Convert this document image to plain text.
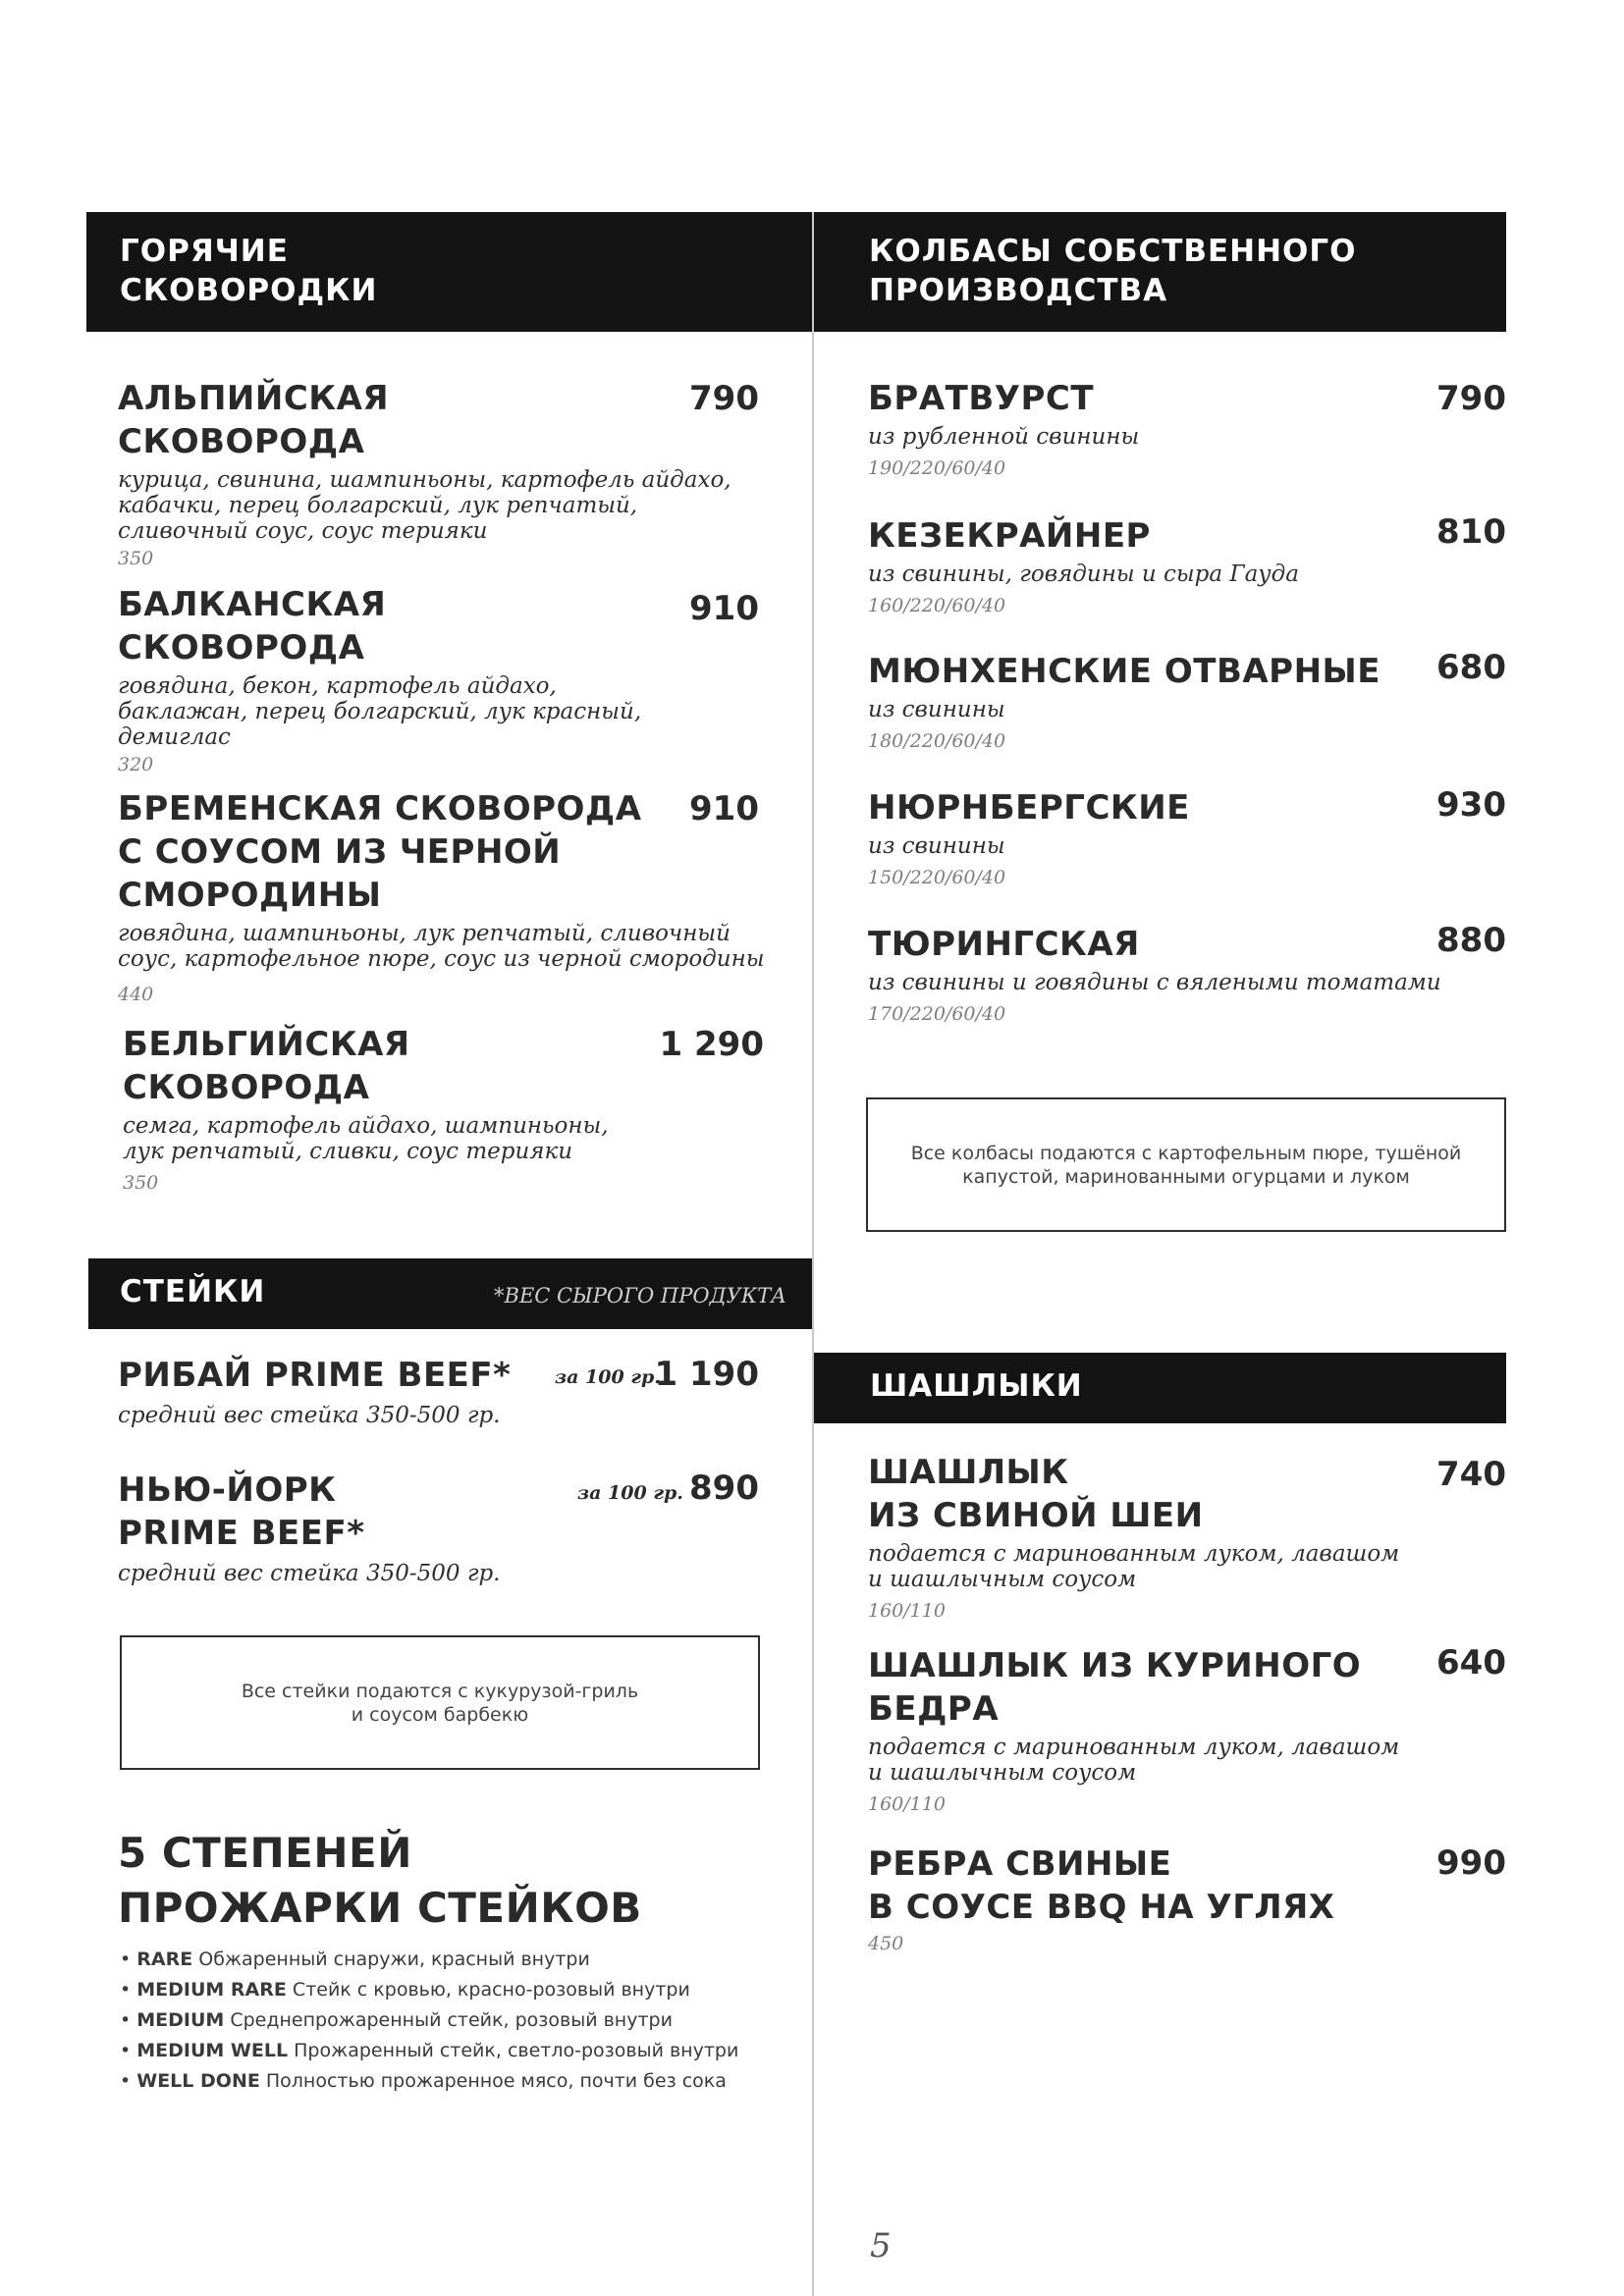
ГОРЯЧИЕ
СКОВОРОДКИ
АЛЬПИЙСКАЯ
СКОВОРОДА
курица, свинина, шампиньоны, картофель айдахо,
кабачки, перец болгарский, лук репчатый,
сливочный соус, соус терияки
350
790
БАЛКАНСКАЯ
СКОВОРОДА
говядина, бекон, картофель айдахо,
баклажан, перец болгарский, лук красный,
демиглас
320
910
БРЕМЕНСКАЯ СКОВОРОДА
С СОУСОМ ИЗ ЧЕРНОЙ
СМОРОДИНЫ
говядина, шампиньоны, лук репчатый, сливочный
соус, картофельное пюре, соус из черной смородины
440
910
БЕЛЬГИЙСКАЯ
СКОВОРОДА
семга, картофель айдахо, шампиньоны,
лук репчатый, сливки, соус терияки
350
1 290
СТЕЙКИ	*ВЕС СЫРОГО ПРОДУКТА
РИБАЙ PRIME BEEF*
средний вес стейка 350-500 гр.
за 100 гр.
1 190
НЬЮ-ЙОРК
PRIME BEEF*
средний вес стейка 350-500 гр.
за 100 гр. 890
Все стейки подаются с кукурузой-гриль
и соусом барбекю
5 СТЕПЕНЕЙ
ПРОЖАРКИ СТЕЙКОВ
• RARE Обжаренный снаружи, красный внутри
• MEDIUM RARE Стейк с кровью, красно-розовый внутри
• MEDIUM Среднепрожаренный стейк, розовый внутри
• MEDIUM WELL Прожаренный стейк, светло-розовый внутри
• WELL DONE Полностью прожаренное мясо, почти без сока
КОЛБАСЫ СОБСТВЕННОГО
ПРОИЗВОДСТВА
БРАТВУРСТ
из рубленной свинины
190/220/60/40
790
КЕЗЕКРАЙНЕР
из свинины, говядины и сыра Гауда
160/220/60/40
810
МЮНХЕНСКИЕ ОТВАРНЫЕ
из свинины
180/220/60/40
680
НЮРНБЕРГСКИЕ
из свинины
150/220/60/40
930
ТЮРИНГСКАЯ
из свинины и говядины с вялеными томатами
170/220/60/40
880
Все колбасы подаются с картофельным пюре, тушёной
капустой, маринованными огурцами и луком
ШАШЛЫКИ
ШАШЛЫК
ИЗ СВИНОЙ ШЕИ
подается с маринованным луком, лавашом
и шашлычным соусом
160/110
740
ШАШЛЫК ИЗ КУРИНОГО
БЕДРА
подается с маринованным луком, лавашом
и шашлычным соусом
160/110
640
РЕБРА СВИНЫЕ
В СОУСЕ BBQ НА УГЛЯХ
450
990
5
